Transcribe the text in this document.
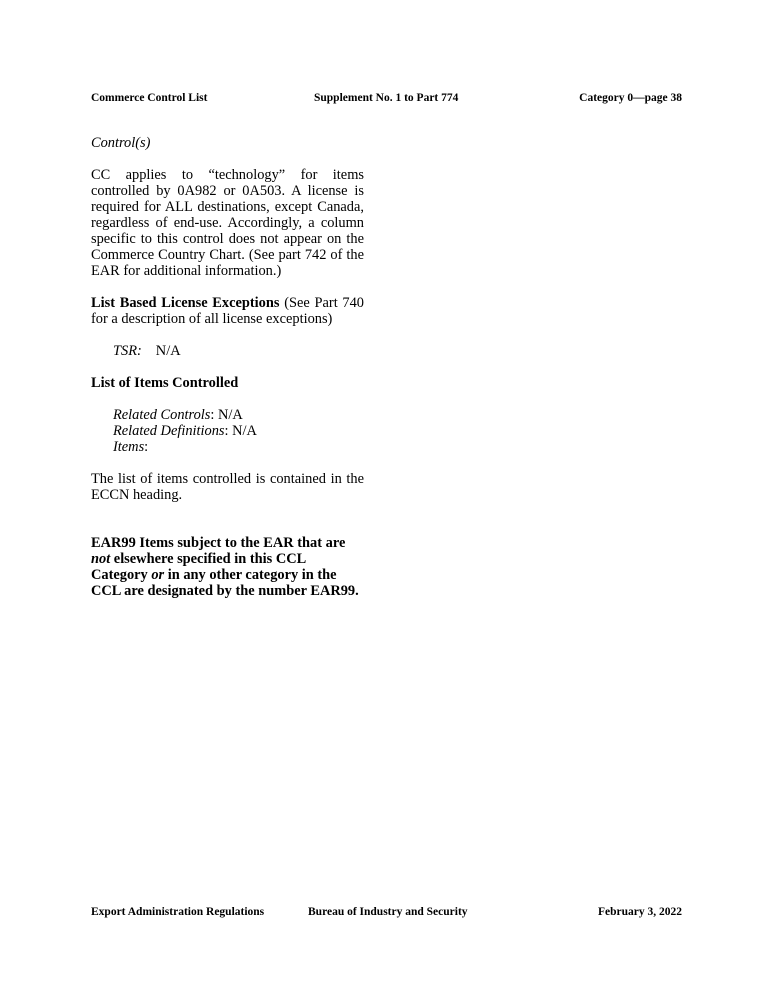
Commerce Control List	Supplement No. 1 to Part 774	Category 0—page 38

Control(s)

CC applies to “technology” for items controlled by 0A982 or 0A503. A license is required for ALL destinations, except Canada, regardless of end-use. Accordingly, a column specific to this control does not appear on the Commerce Country Chart. (See part 742 of the EAR for additional information.)

List Based License Exceptions (See Part 740 for a description of all license exceptions)

TSR: N/A

List of Items Controlled

Related Controls: N/A

Related Definitions: N/A

Items:

The list of items controlled is contained in the ECCN heading.

EAR99 Items subject to the EAR that are not elsewhere specified in this CCL Category or in any other category in the CCL are designated by the number EAR99.

Export Administration Regulations	Bureau of Industry and Security	February 3, 2022
